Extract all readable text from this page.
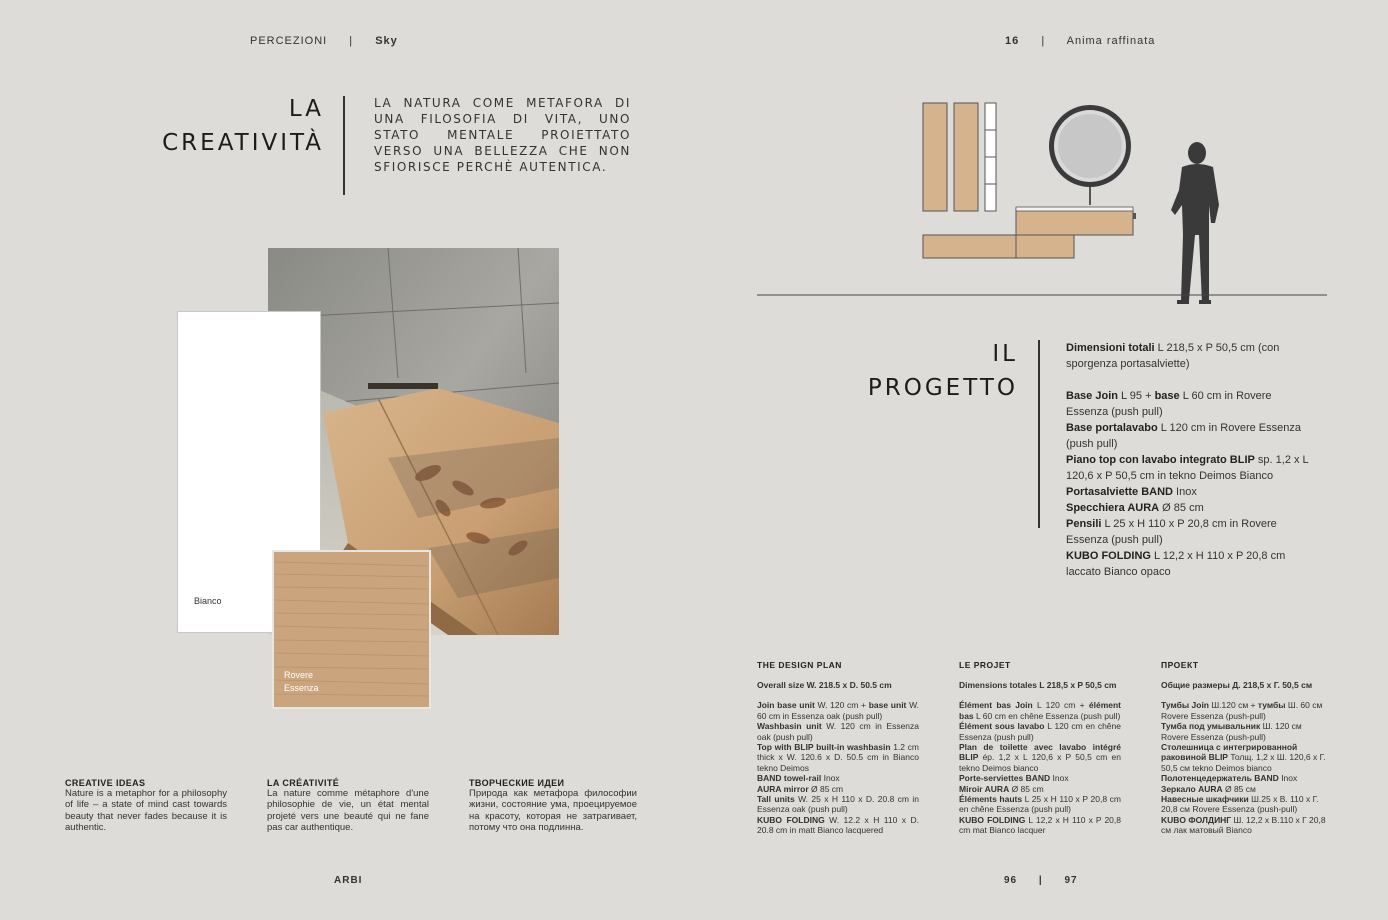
PERCEZIONI | Sky	16 | Anima raffinata
LA
CREATIVITÀ
LA NATURA COME METAFORA DI UNA FILOSOFIA DI VITA, UNO STATO MENTALE PROIETTATO VERSO UNA BELLEZZA CHE NON SFIORISCE PERCHÈ AUTENTICA.
Bianco
Rovere
Essenza
IL
PROGETTO
Dimensioni totali L 218,5 x P 50,5 cm (con sporgenza portasalviette)
Base Join L 95 + base L 60 cm in Rovere Essenza (push pull)
Base portalavabo L 120 cm in Rovere Essenza (push pull)
Piano top con lavabo integrato BLIP sp. 1,2 x L 120,6 x P 50,5 cm in tekno Deimos Bianco
Portasalviette BAND Inox
Specchiera AURA Ø 85 cm
Pensili L 25 x H 110 x P 20,8 cm in Rovere Essenza (push pull)
KUBO FOLDING L 12,2 x H 110 x P 20,8 cm laccato Bianco opaco
THE DESIGN PLAN
Overall size W. 218.5 x D. 50.5 cm
Join base unit W. 120 cm + base unit W. 60 cm in Essenza oak (push pull)
Washbasin unit W. 120 cm in Essenza oak (push pull)
Top with BLIP built-in washbasin 1.2 cm thick x W. 120.6 x D. 50.5 cm in Bianco tekno Deimos
BAND towel-rail Inox
AURA mirror Ø 85 cm
Tall units W. 25 x H 110 x D. 20.8 cm in Essenza oak (push pull)
KUBO FOLDING W. 12.2 x H 110 x D. 20.8 cm in matt Bianco lacquered
LE PROJET
Dimensions totales L 218,5 x P 50,5 cm
Élément bas Join L 120 cm + élément bas L 60 cm en chêne Essenza (push pull)
Élément sous lavabo L 120 cm en chêne Essenza (push pull)
Plan de toilette avec lavabo intégré BLIP ép. 1,2 x L 120,6 x P 50,5 cm en tekno Deimos bianco
Porte-serviettes BAND Inox
Miroir AURA Ø 85 cm
Éléments hauts L 25 x H 110 x P 20,8 cm en chêne Essenza (push pull)
KUBO FOLDING L 12,2 x H 110 x P 20,8 cm mat Bianco lacquer
ПРОЕКТ
Общие размеры Д. 218,5 x Г. 50,5 см
Тумбы Join Ш.120 см + тумбы Ш. 60 см Rovere Essenza (push-pull)
Тумба под умывальник Ш. 120 см Rovere Essenza (push-pull)
Столешница с интегрированной раковиной BLIP Толщ. 1,2 x Ш. 120,6 x Г. 50,5 см tekno Deimos bianco
Полотенцедержатель BAND Inox
Зеркало AURA Ø 85 см
Навесные шкафчики Ш.25 x В. 110 x Г. 20,8 см Rovere Essenza (push-pull)
KUBO ФОЛДИНГ Ш. 12,2 x В.110 x Г 20,8 см лак матовый Bianco
CREATIVE IDEAS
Nature is a metaphor for a philosophy of life – a state of mind cast towards beauty that never fades because it is authentic.
LA CRÉATIVITÉ
La nature comme métaphore d'une philosophie de vie, un état mental projeté vers une beauté qui ne fane pas car authentique.
ТВОРЧЕСКИЕ ИДЕИ
Природа как метафора философии жизни, состояние ума, проецируемое на красоту, которая не затрагивает, потому что она подлинна.
ARBI	96 | 97
